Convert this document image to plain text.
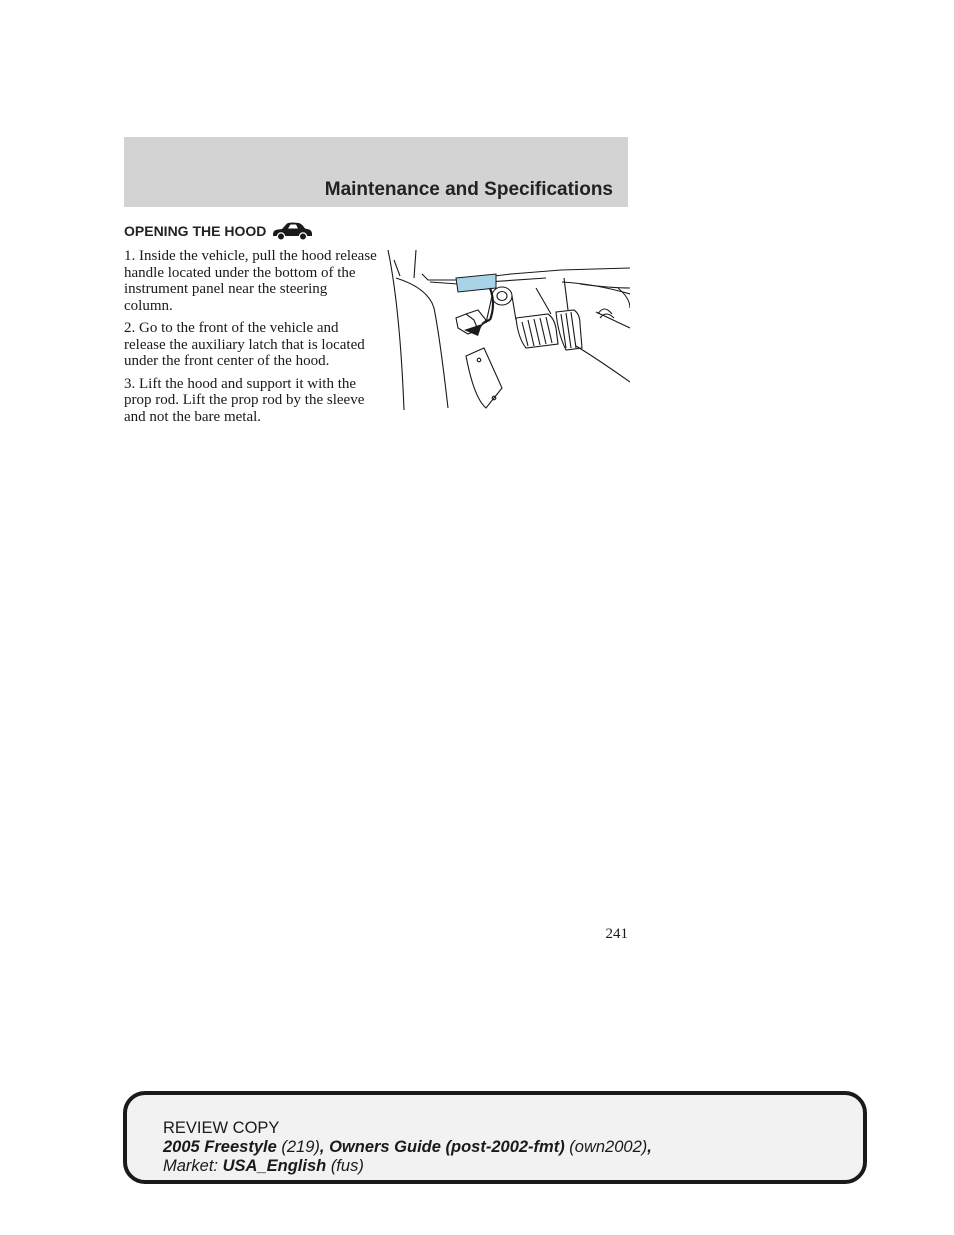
Maintenance and Specifications
OPENING THE HOOD

1. Inside the vehicle, pull the hood release handle located under the bottom of the instrument panel near the steering column.

2. Go to the front of the vehicle and release the auxiliary latch that is located under the front center of the hood.

3. Lift the hood and support it with the prop rod. Lift the prop rod by the sleeve and not the bare metal.

241
REVIEW COPY
2005 Freestyle (219), Owners Guide (post-2002-fmt) (own2002),
Market: USA_English (fus)
